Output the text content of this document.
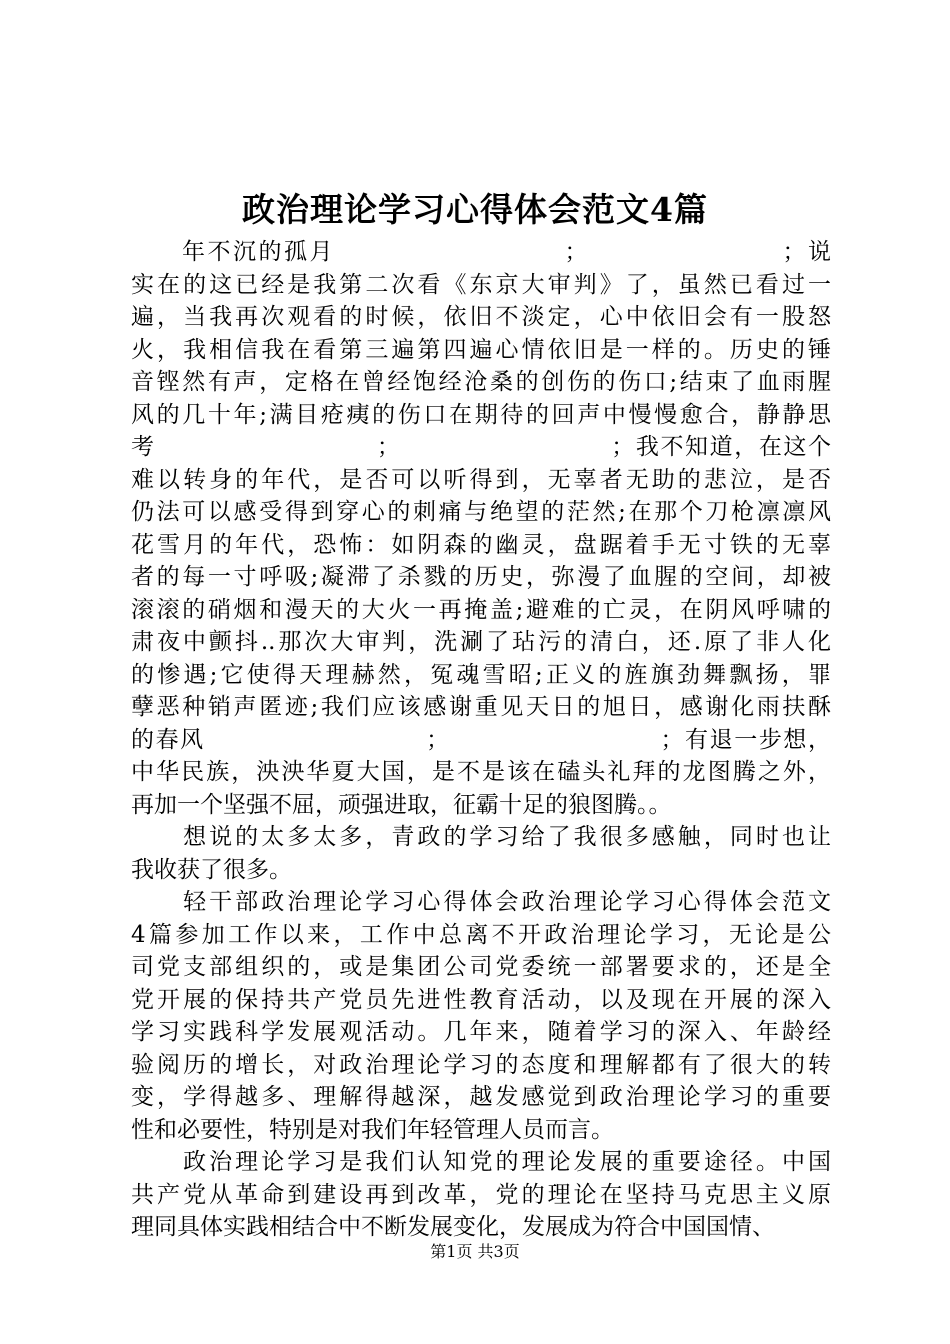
政治理论学习心得体会范文4篇
　　年不沉的孤月　　　　　　　　　；　　　　　　　　；说
实在的这已经是我第二次看《东京大审判》了，虽然已看过一
遍，当我再次观看的时候，依旧不淡定，心中依旧会有一股怒
火，我相信我在看第三遍第四遍心情依旧是一样的。历史的锤
音铿然有声，定格在曾经饱经沧桑的创伤的伤口;结束了血雨腥
风的几十年;满目疮痍的伤口在期待的回声中慢慢愈合，静静思
考　　　　　　　　　；　　　　　　　　　；我不知道，在这个
难以转身的年代，是否可以听得到，无辜者无助的悲泣，是否
仍法可以感受得到穿心的刺痛与绝望的茫然;在那个刀枪凛凛风
花雪月的年代，恐怖：如阴森的幽灵，盘踞着手无寸铁的无辜
者的每一寸呼吸;凝滞了杀戮的历史，弥漫了血腥的空间，却被
滚滚的硝烟和漫天的大火一再掩盖;避难的亡灵，在阴风呼啸的
肃夜中颤抖..那次大审判，洗涮了玷污的清白，还.原了非人化
的惨遇;它使得天理赫然，冤魂雪昭;正义的旌旗劲舞飘扬，罪
孽恶种销声匿迹;我们应该感谢重见天日的旭日，感谢化雨扶酥
的春风　　　　　　　　　；　　　　　　　　　；有退一步想，
中华民族，泱泱华夏大国，是不是该在磕头礼拜的龙图腾之外，
再加一个坚强不屈，顽强进取，征霸十足的狼图腾。。
　　想说的太多太多，青政的学习给了我很多感触，同时也让
我收获了很多。
　　轻干部政治理论学习心得体会政治理论学习心得体会范文
4篇参加工作以来，工作中总离不开政治理论学习，无论是公
司党支部组织的，或是集团公司党委统一部署要求的，还是全
党开展的保持共产党员先进性教育活动，以及现在开展的深入
学习实践科学发展观活动。几年来，随着学习的深入、年龄经
验阅历的增长，对政治理论学习的态度和理解都有了很大的转
变，学得越多、理解得越深，越发感觉到政治理论学习的重要
性和必要性，特别是对我们年轻管理人员而言。
　　政治理论学习是我们认知党的理论发展的重要途径。中国
共产党从革命到建设再到改革，党的理论在坚持马克思主义原
理同具体实践相结合中不断发展变化，发展成为符合中国国情、
第1页 共3页
